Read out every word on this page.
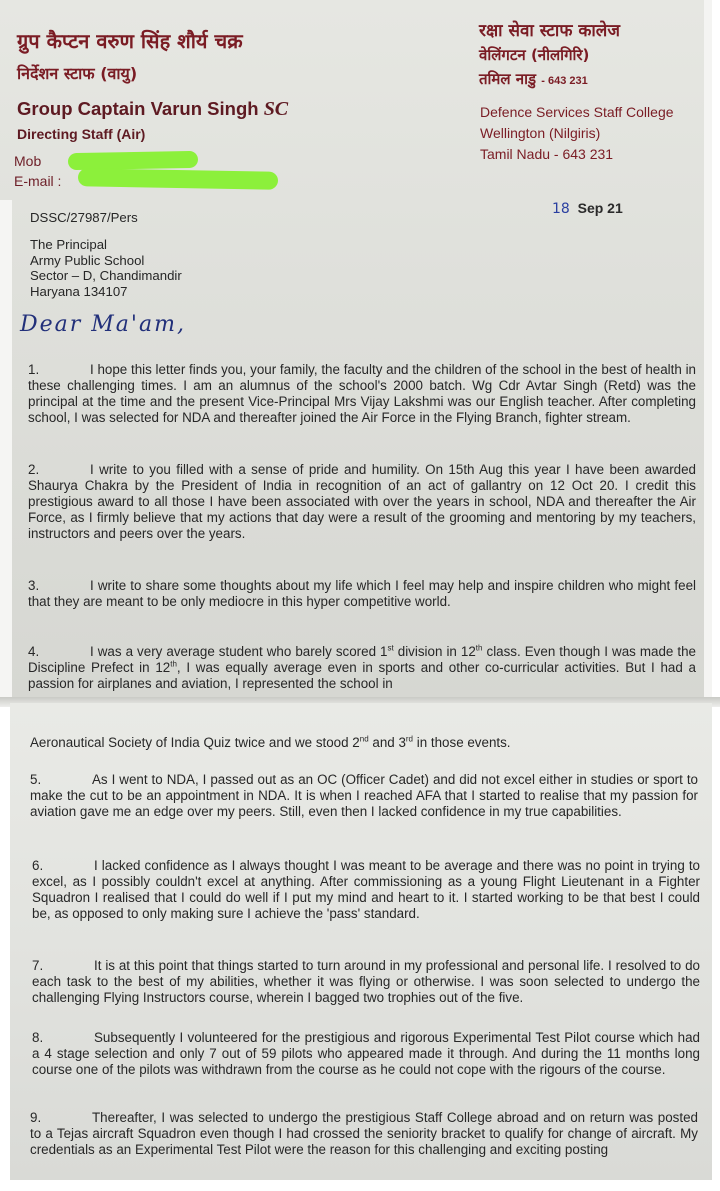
ग्रुप कैप्टन वरुण सिंह शौर्य चक्र
निर्देशन स्टाफ (वायु)
Group Captain Varun Singh SC
Directing Staff (Air)
Mob
E-mail :
रक्षा सेवा स्टाफ कालेज
वेलिंगटन (नीलगिरि)
तमिल नाडु - 643 231
Defence Services Staff College
Wellington (Nilgiris)
Tamil Nadu - 643 231
DSSC/27987/Pers
18 Sep 21
The Principal
Army Public School
Sector – D, Chandimandir
Haryana 134107
Dear Ma'am,
1.	I hope this letter finds you, your family, the faculty and the children of the school in the best of health in these challenging times. I am an alumnus of the school's 2000 batch. Wg Cdr Avtar Singh (Retd) was the principal at the time and the present Vice-Principal Mrs Vijay Lakshmi was our English teacher. After completing school, I was selected for NDA and thereafter joined the Air Force in the Flying Branch, fighter stream.
2.	I write to you filled with a sense of pride and humility. On 15th Aug this year I have been awarded Shaurya Chakra by the President of India in recognition of an act of gallantry on 12 Oct 20. I credit this prestigious award to all those I have been associated with over the years in school, NDA and thereafter the Air Force, as I firmly believe that my actions that day were a result of the grooming and mentoring by my teachers, instructors and peers over the years.
3.	I write to share some thoughts about my life which I feel may help and inspire children who might feel that they are meant to be only mediocre in this hyper competitive world.
4.	I was a very average student who barely scored 1st division in 12th class. Even though I was made the Discipline Prefect in 12th, I was equally average even in sports and other co-curricular activities. But I had a passion for airplanes and aviation, I represented the school in
Aeronautical Society of India Quiz twice and we stood 2nd and 3rd in those events.
5.	As I went to NDA, I passed out as an OC (Officer Cadet) and did not excel either in studies or sport to make the cut to be an appointment in NDA. It is when I reached AFA that I started to realise that my passion for aviation gave me an edge over my peers. Still, even then I lacked confidence in my true capabilities.
6.	I lacked confidence as I always thought I was meant to be average and there was no point in trying to excel, as I possibly couldn't excel at anything. After commissioning as a young Flight Lieutenant in a Fighter Squadron I realised that I could do well if I put my mind and heart to it. I started working to be that best I could be, as opposed to only making sure I achieve the 'pass' standard.
7.	It is at this point that things started to turn around in my professional and personal life. I resolved to do each task to the best of my abilities, whether it was flying or otherwise. I was soon selected to undergo the challenging Flying Instructors course, wherein I bagged two trophies out of the five.
8.	Subsequently I volunteered for the prestigious and rigorous Experimental Test Pilot course which had a 4 stage selection and only 7 out of 59 pilots who appeared made it through. And during the 11 months long course one of the pilots was withdrawn from the course as he could not cope with the rigours of the course.
9.	Thereafter, I was selected to undergo the prestigious Staff College abroad and on return was posted to a Tejas aircraft Squadron even though I had crossed the seniority bracket to qualify for change of aircraft. My credentials as an Experimental Test Pilot were the reason for this challenging and exciting posting
